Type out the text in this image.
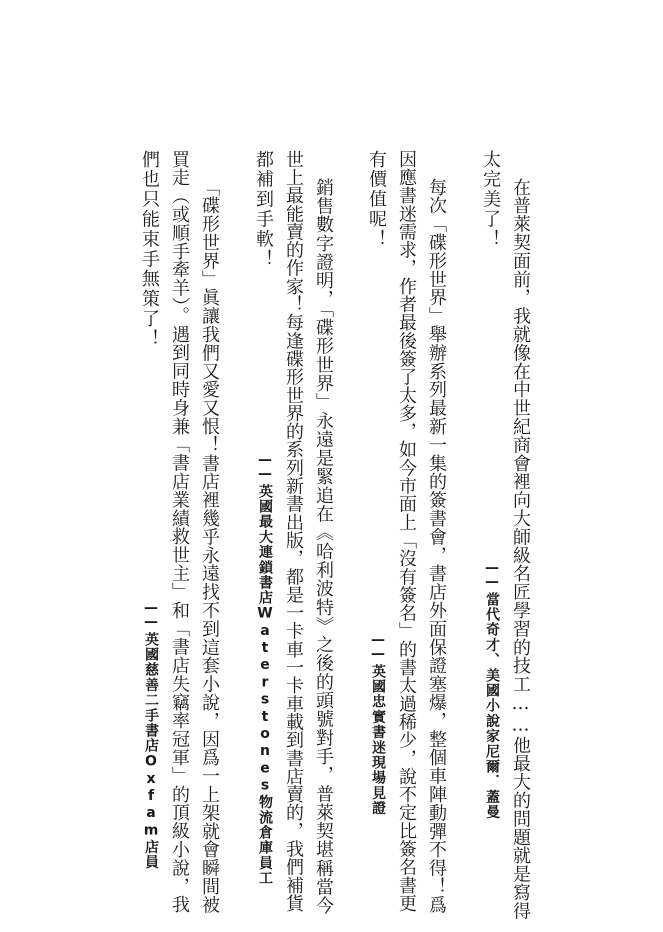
在普萊契面前，我就像在中世紀商會裡向大師級名匠學習的技工……他最大的問題就是寫得
太完美了！
——當代奇才、美國小說家尼爾．蓋曼
每次「碟形世界」舉辦系列最新一集的簽書會，書店外面保證塞爆，整個車陣動彈不得！爲
因應書迷需求，作者最後簽了太多，如今市面上「沒有簽名」的書太過稀少，說不定比簽名書更
有價值呢！
——英國忠實書迷現場見證
銷售數字證明，「碟形世界」永遠是緊追在《哈利波特》之後的頭號對手，普萊契堪稱當今
世上最能賣的作家！每逢碟形世界的系列新書出版，都是一卡車一卡車載到書店賣的，我們補貨
都補到手軟！
——英國最大連鎖書店Waterstones物流倉庫員工
「碟形世界」眞讓我們又愛又恨！書店裡幾乎永遠找不到這套小說，因爲一上架就會瞬間被
買走（或順手牽羊）。遇到同時身兼「書店業績救世主」和「書店失竊率冠軍」的頂級小說，我
們也只能束手無策了！
——英國慈善二手書店Oxfam店員
